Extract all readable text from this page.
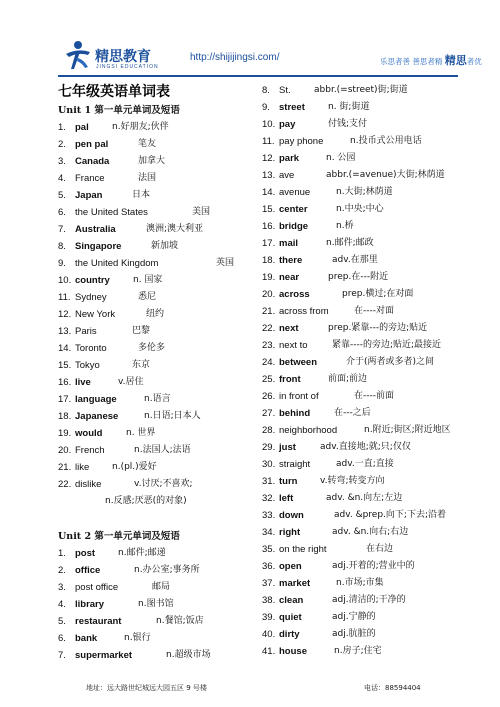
精思教育
JINGSI EDUCATION
http://shijijingsi.com/	乐思者善 善思者精 精思者优
七年级英语单词表
Unit 1 第一单元单词及短语
1. pal	n.好朋友;伙伴
2. pen pal	笔友
3. Canada	加拿大
4. France	法国
5. Japan	日本
6. the United States	美国
7. Australia	澳洲;澳大利亚
8. Singapore	新加坡
9. the United Kingdom	英国
10. country	n. 国家
11. Sydney	悉尼
12. New York	纽约
13. Paris	巴黎
14. Toronto	多伦多
15. Tokyo	东京
16. live	v.居住
17. language	n.语言
18. Japanese	n.日语;日本人
19. would	n. 世界
20. French	n.法国人;法语
21. like	n.(pl.)爱好
22. dislike	v.讨厌;不喜欢;
n.反感;厌恶(的对象)
Unit 2 第一单元单词及短语
1. post	n.邮件;邮递
2. office	n.办公室;事务所
3. post office	邮局
4. library	n.图书馆
5. restaurant	n.餐馆;饭店
6. bank	n.银行
7. supermarket	n.超级市场
8. St.	abbr.(=street)街;街道
9. street	n. 街;街道
10. pay	付钱;支付
11. pay phone	n.投币式公用电话
12. park	n. 公园
13. ave	abbr.(=avenue)大街;林荫道
14. avenue	n.大街;林荫道
15. center	n.中央;中心
16. bridge	n.桥
17. mail	n.邮件;邮政
18. there	adv.在那里
19. near	prep.在---附近
20. across	prep.横过;在对面
21. across from	在----对面
22. next	prep.紧靠---的旁边;贴近
23. next to	紧靠----的旁边;贴近;最接近
24. between	介于(两者或多者)之间
25. front	前面;前边
26. in front of	在----前面
27. behind	在---之后
28. neighborhood	n.附近;街区;附近地区
29. just	adv.直接地;就;只;仅仅
30. straight	adv.一直;直接
31. turn	v.转弯;转变方向
32. left	adv. &n.向左;左边
33. down	adv. &prep.向下;下去;沿着
34. right	adv. &n.向右;右边
35. on the right	在右边
36. open	adj.开着的;营业中的
37. market	n.市场;市集
38. clean	adj.清洁的;干净的
39. quiet	adj.宁静的
40. dirty	adj.肮脏的
41. house	n.房子;住宅
地址：远大路世纪城远大园五区 9 号楼	电话：88594404
